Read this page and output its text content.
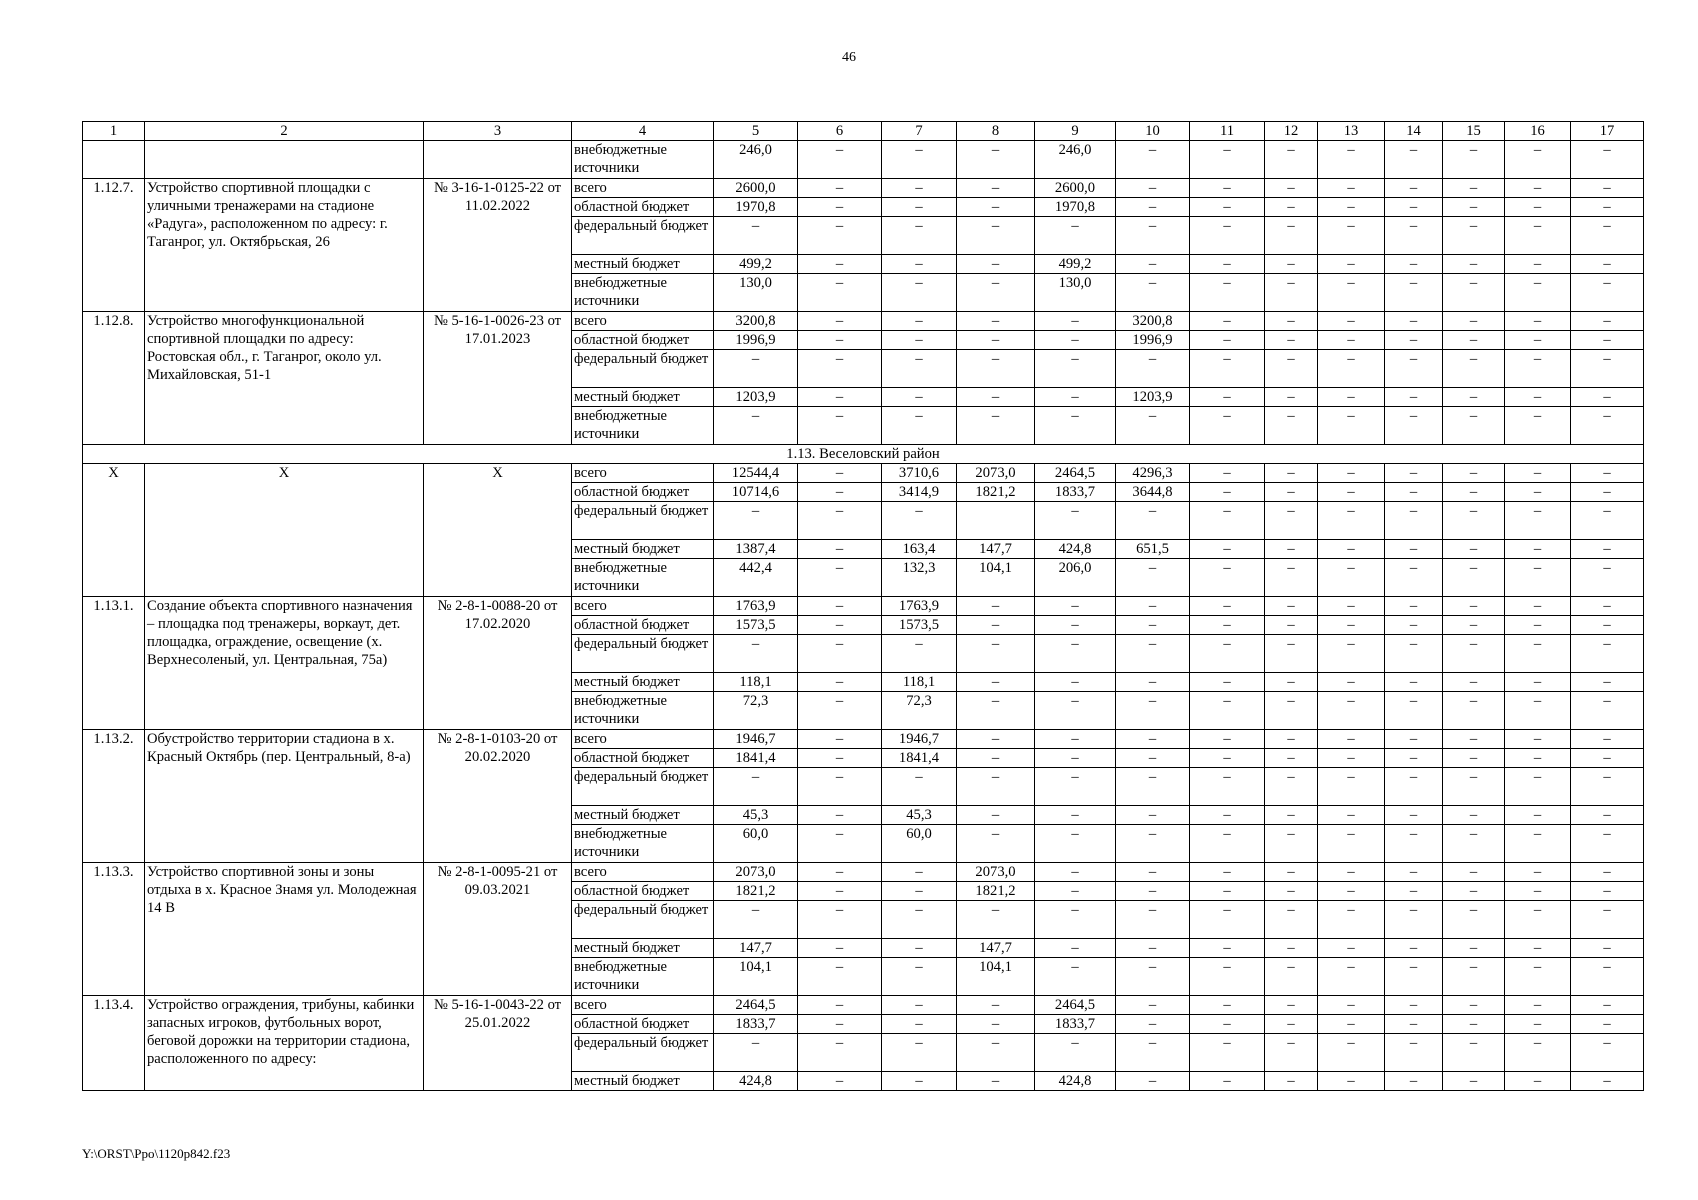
46
1	2	3	4	5	6	7	8	9	10	11	12	13	14	15	16	17
			внебюджетные источники	246,0	–	–	–	246,0	–	–	–	–	–	–	–	–
1.12.7.	Устройство спортивной площадки с уличными тренажерами на стадионе «Радуга», расположенном по адресу: г. Таганрог, ул. Октябрьская, 26	№ 3-16-1-0125-22 от 11.02.2022	всего	2600,0	–	–	–	2600,0	–	–	–	–	–	–	–	–
			областной бюджет	1970,8	–	–	–	1970,8	–	–	–	–	–	–	–	–
			федеральный бюджет	–	–	–	–	–	–	–	–	–	–	–	–	–
			местный бюджет	499,2	–	–	–	499,2	–	–	–	–	–	–	–	–
			внебюджетные источники	130,0	–	–	–	130,0	–	–	–	–	–	–	–	–
1.12.8.	Устройство многофункциональной спортивной площадки по адресу: Ростовская обл., г. Таганрог, около ул. Михайловская, 51-1	№ 5-16-1-0026-23 от 17.01.2023	всего	3200,8	–	–	–	–	3200,8	–	–	–	–	–	–	–
			областной бюджет	1996,9	–	–	–	–	1996,9	–	–	–	–	–	–	–
			федеральный бюджет	–	–	–	–	–	–	–	–	–	–	–	–	–
			местный бюджет	1203,9	–	–	–	–	1203,9	–	–	–	–	–	–	–
			внебюджетные источники	–	–	–	–	–	–	–	–	–	–	–	–	–
1.13. Веселовский район																
X	X	X	всего	12544,4	–	3710,6	2073,0	2464,5	4296,3	–	–	–	–	–	–	–
			областной бюджет	10714,6	–	3414,9	1821,2	1833,7	3644,8	–	–	–	–	–	–	–
			федеральный бюджет	–	–	–		–	–	–	–	–	–	–	–	–
			местный бюджет	1387,4	–	163,4	147,7	424,8	651,5	–	–	–	–	–	–	–
			внебюджетные источники	442,4	–	132,3	104,1	206,0	–	–	–	–	–	–	–	–
1.13.1.	Создание объекта спортивного назначения – площадка под тренажеры, воркаут, дет. площадка, ограждение, освещение (х. Верхнесоленый, ул. Центральная, 75а)	№ 2-8-1-0088-20 от 17.02.2020	всего	1763,9	–	1763,9	–	–	–	–	–	–	–	–	–	–
			областной бюджет	1573,5	–	1573,5	–	–	–	–	–	–	–	–	–	–
			федеральный бюджет	–	–	–	–	–	–	–	–	–	–	–	–	–
			местный бюджет	118,1	–	118,1	–	–	–	–	–	–	–	–	–	–
			внебюджетные источники	72,3	–	72,3	–	–	–	–	–	–	–	–	–	–
1.13.2.	Обустройство территории стадиона в х. Красный Октябрь (пер. Центральный, 8-а)	№ 2-8-1-0103-20 от 20.02.2020	всего	1946,7	–	1946,7	–	–	–	–	–	–	–	–	–	–
			областной бюджет	1841,4	–	1841,4	–	–	–	–	–	–	–	–	–	–
			федеральный бюджет	–	–	–	–	–	–	–	–	–	–	–	–	–
			местный бюджет	45,3	–	45,3	–	–	–	–	–	–	–	–	–	–
			внебюджетные источники	60,0	–	60,0	–	–	–	–	–	–	–	–	–	–
1.13.3.	Устройство спортивной зоны и зоны отдыха в х. Красное Знамя ул. Молодежная 14 В	№ 2-8-1-0095-21 от 09.03.2021	всего	2073,0	–	–	2073,0	–	–	–	–	–	–	–	–	–
			областной бюджет	1821,2	–	–	1821,2	–	–	–	–	–	–	–	–	–
			федеральный бюджет	–	–	–	–	–	–	–	–	–	–	–	–	–
			местный бюджет	147,7	–	–	147,7	–	–	–	–	–	–	–	–	–
			внебюджетные источники	104,1	–	–	104,1	–	–	–	–	–	–	–	–	–
1.13.4.	Устройство ограждения, трибуны, кабинки запасных игроков, футбольных ворот, беговой дорожки на территории стадиона, расположенного по адресу:	№ 5-16-1-0043-22 от 25.01.2022	всего	2464,5	–	–	–	2464,5	–	–	–	–	–	–	–	–
			областной бюджет	1833,7	–	–	–	1833,7	–	–	–	–	–	–	–	–
			федеральный бюджет	–	–	–	–	–	–	–	–	–	–	–	–	–
			местный бюджет	424,8	–	–	–	424,8	–	–	–	–	–	–	–	–
Y:\ORST\Ppo\1120p842.f23
